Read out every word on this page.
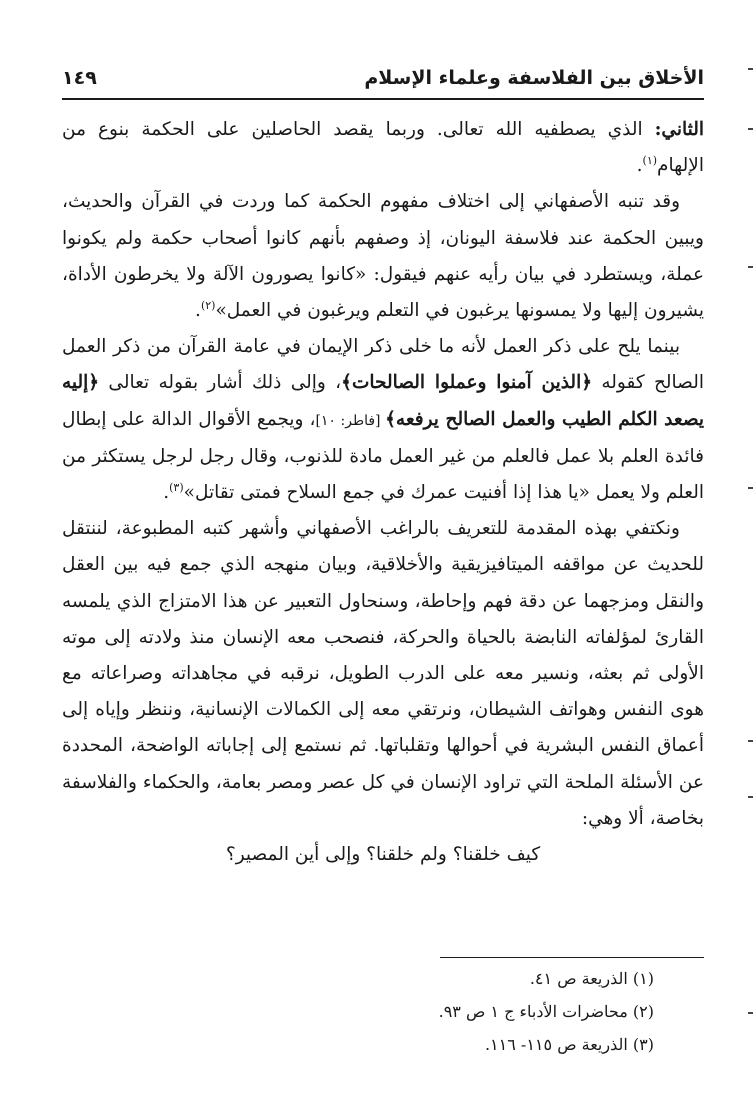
الأخلاق بين الفلاسفة وعلماء الإسلام
١٤٩

الثاني: الذي يصطفيه الله تعالى. وربما يقصد الحاصلين على الحكمة بنوع من الإلهام$^{(١)}$.

وقد تنبه الأصفهاني إلى اختلاف مفهوم الحكمة كما وردت في القرآن والحديث، ويبين الحكمة عند فلاسفة اليونان، إذ وصفهم بأنهم كانوا أصحاب حكمة ولم يكونوا عملة، ويستطرد في بيان رأيه عنهم فيقول: «كانوا يصورون الآلة ولا يخرطون الأداة، يشيرون إليها ولا يمسونها يرغبون في التعلم ويرغبون في العمل»$^{(٢)}$.

بينما يلح على ذكر العمل لأنه ما خلى ذكر الإيمان في عامة القرآن من ذكر العمل الصالح كقوله ﴿الذين آمنوا وعملوا الصالحات﴾، وإلى ذلك أشار بقوله تعالى ﴿إليه يصعد الكلم الطيب والعمل الصالح يرفعه﴾ [فاطر: ١٠]، ويجمع الأقوال الدالة على إبطال فائدة العلم بلا عمل فالعلم من غير العمل مادة للذنوب، وقال رجل لرجل يستكثر من العلم ولا يعمل «يا هذا إذا أفنيت عمرك في جمع السلاح فمتى تقاتل»$^{(٣)}$.

ونكتفي بهذه المقدمة للتعريف بالراغب الأصفهاني وأشهر كتبه المطبوعة، لننتقل للحديث عن مواقفه الميتافيزيقية والأخلاقية، وبيان منهجه الذي جمع فيه بين العقل والنقل ومزجهما عن دقة فهم وإحاطة، وسنحاول التعبير عن هذا الامتزاج الذي يلمسه القارئ لمؤلفاته النابضة بالحياة والحركة، فنصحب معه الإنسان منذ ولادته إلى موته الأولى ثم بعثه، ونسير معه على الدرب الطويل، نرقبه في مجاهداته وصراعاته مع هوى النفس وهواتف الشيطان، ونرتقي معه إلى الكمالات الإنسانية، وننظر وإياه إلى أعماق النفس البشرية في أحوالها وتقلباتها. ثم نستمع إلى إجاباته الواضحة، المحددة عن الأسئلة الملحة التي تراود الإنسان في كل عصر ومصر بعامة، والحكماء والفلاسفة بخاصة، ألا وهي:

كيف خلقنا؟ ولم خلقنا؟ وإلى أين المصير؟

(١) الذريعة ص ٤١.
(٢) محاضرات الأدباء ج ١ ص ٩٣.
(٣) الذريعة ص ١١٥- ١١٦.
